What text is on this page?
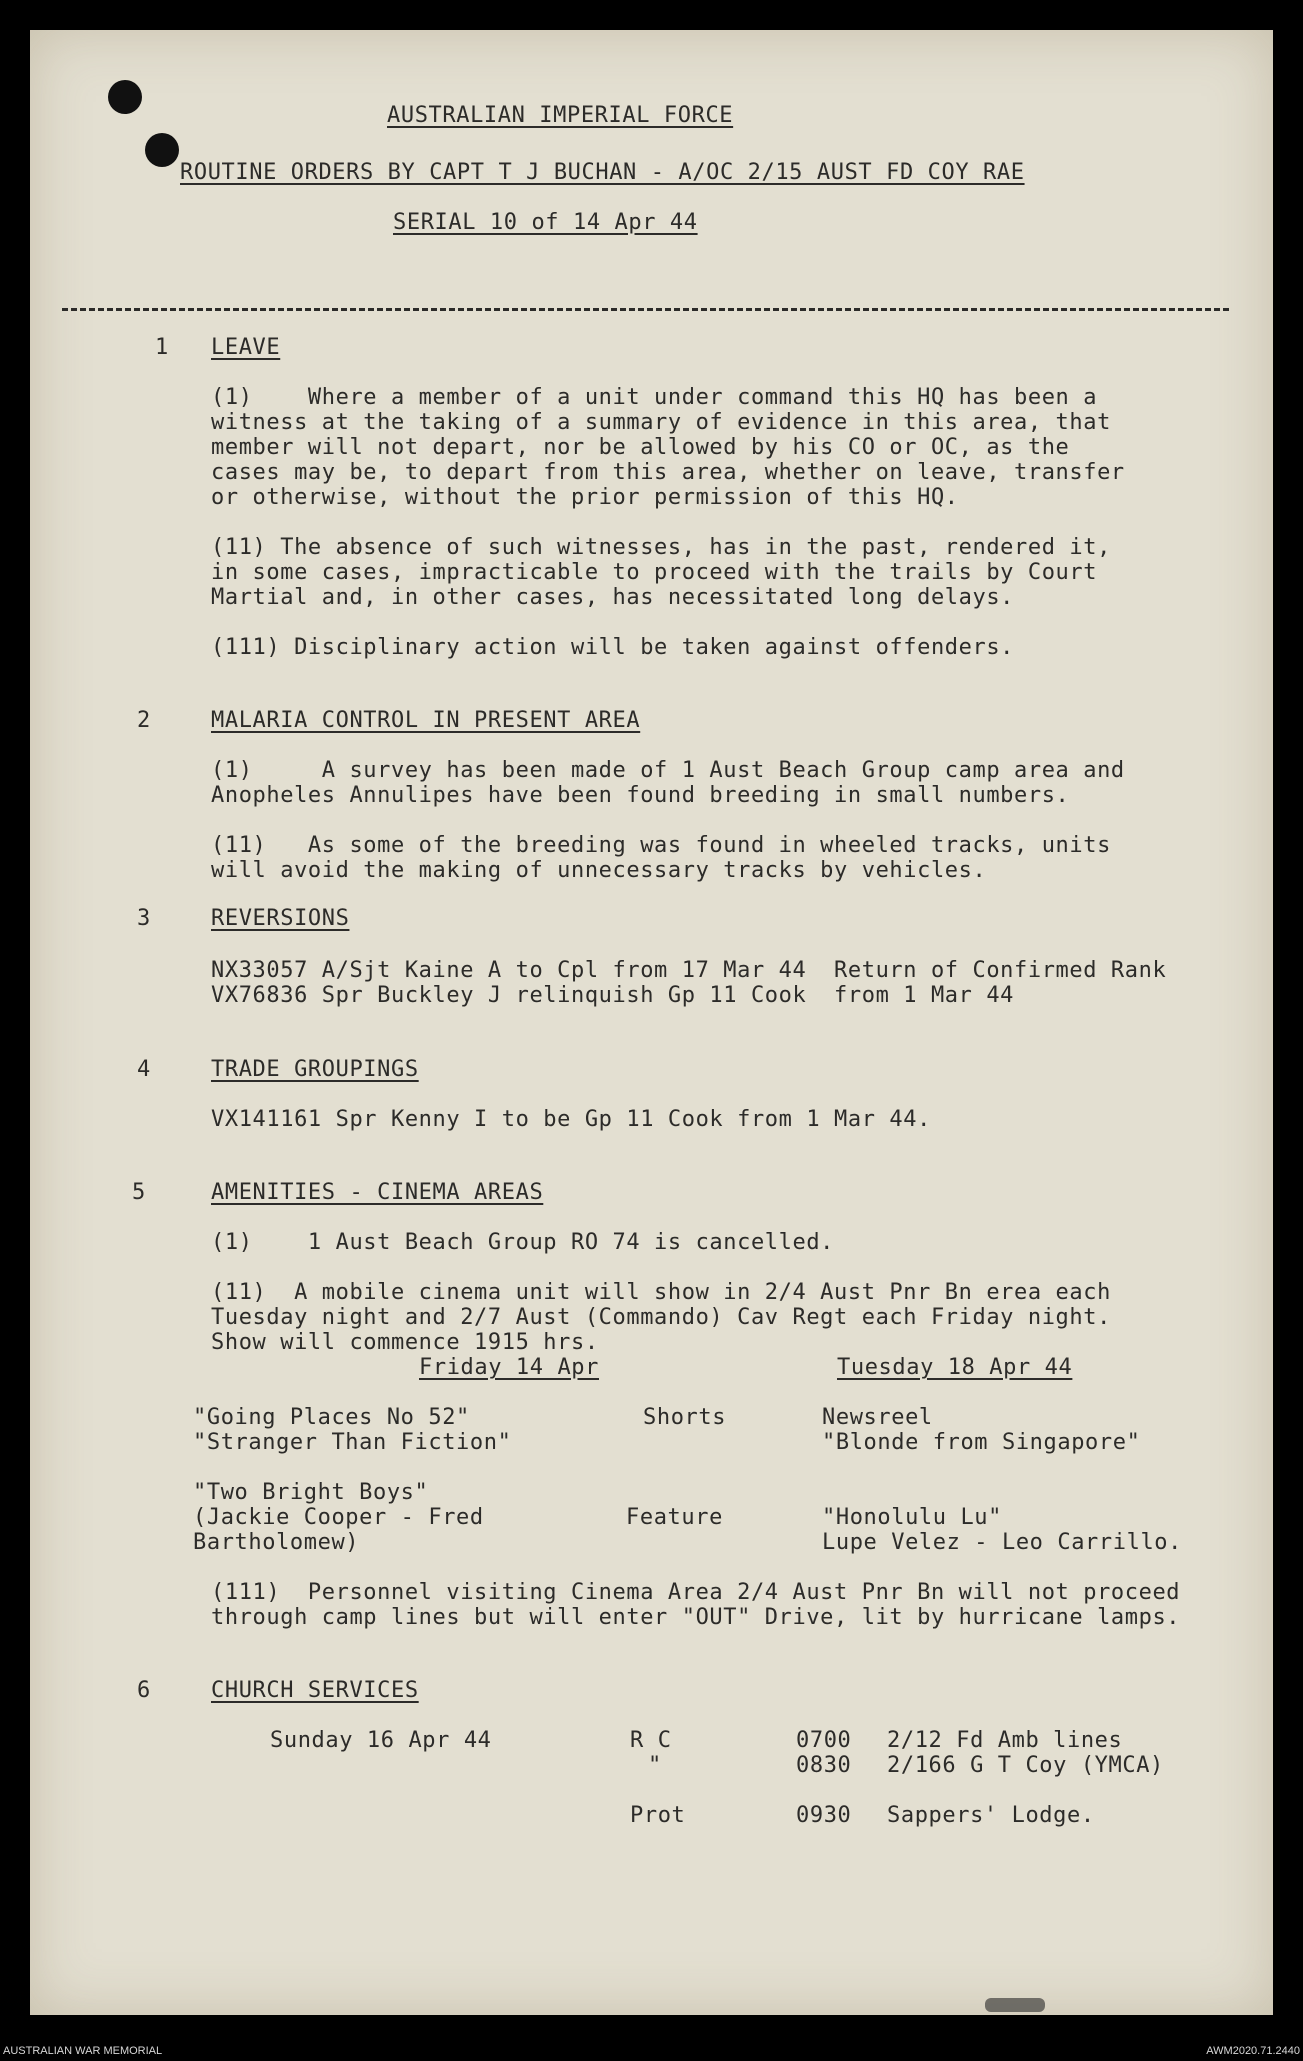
AUSTRALIAN IMPERIAL FORCE
ROUTINE ORDERS BY CAPT T J BUCHAN - A/OC 2/15 AUST FD COY RAE
SERIAL 10 of 14 Apr 44
1 LEAVE
(1)    Where a member of a unit under command this HQ has been a
witness at the taking of a summary of evidence in this area, that
member will not depart, nor be allowed by his CO or OC, as the
cases may be, to depart from this area, whether on leave, transfer
or otherwise, without the prior permission of this HQ.
(11) The absence of such witnesses, has in the past, rendered it,
in some cases, impracticable to proceed with the trails by Court
Martial and, in other cases, has necessitated long delays.
(111) Disciplinary action will be taken against offenders.
2	MALARIA CONTROL IN PRESENT AREA
(1)     A survey has been made of 1 Aust Beach Group camp area and
Anopheles Annulipes have been found breeding in small numbers.
(11)   As some of the breeding was found in wheeled tracks, units
will avoid the making of unnecessary tracks by vehicles.
3	REVERSIONS
NX33057 A/Sjt Kaine A to Cpl from 17 Mar 44  Return of Confirmed Rank
VX76836 Spr Buckley J relinquish Gp 11 Cook  from 1 Mar 44
4	TRADE GROUPINGS
VX141161 Spr Kenny I to be Gp 11 Cook from 1 Mar 44.
5	AMENITIES - CINEMA AREAS
(1)    1 Aust Beach Group RO 74 is cancelled.
(11)  A mobile cinema unit will show in 2/4 Aust Pnr Bn erea each
Tuesday night and 2/7 Aust (Commando) Cav Regt each Friday night.
Show will commence 1915 hrs.
Friday 14 Apr	Tuesday 18 Apr 44
"Going Places No 52"
"Stranger Than Fiction"
Shorts	Newsreel
"Blonde from Singapore"
"Two Bright Boys"
(Jackie Cooper - Fred
Bartholomew)
Feature	"Honolulu Lu"
Lupe Velez - Leo Carrillo.
(111)  Personnel visiting Cinema Area 2/4 Aust Pnr Bn will not proceed
through camp lines but will enter "OUT" Drive, lit by hurricane lamps.
6	CHURCH SERVICES
Sunday 16 Apr 44	R C	0700 2/12 Fd Amb lines
"	0830 2/166 G T Coy (YMCA)
Prot	0930 Sappers' Lodge.
AUSTRALIAN WAR MEMORIAL	AWM2020.71.2440
